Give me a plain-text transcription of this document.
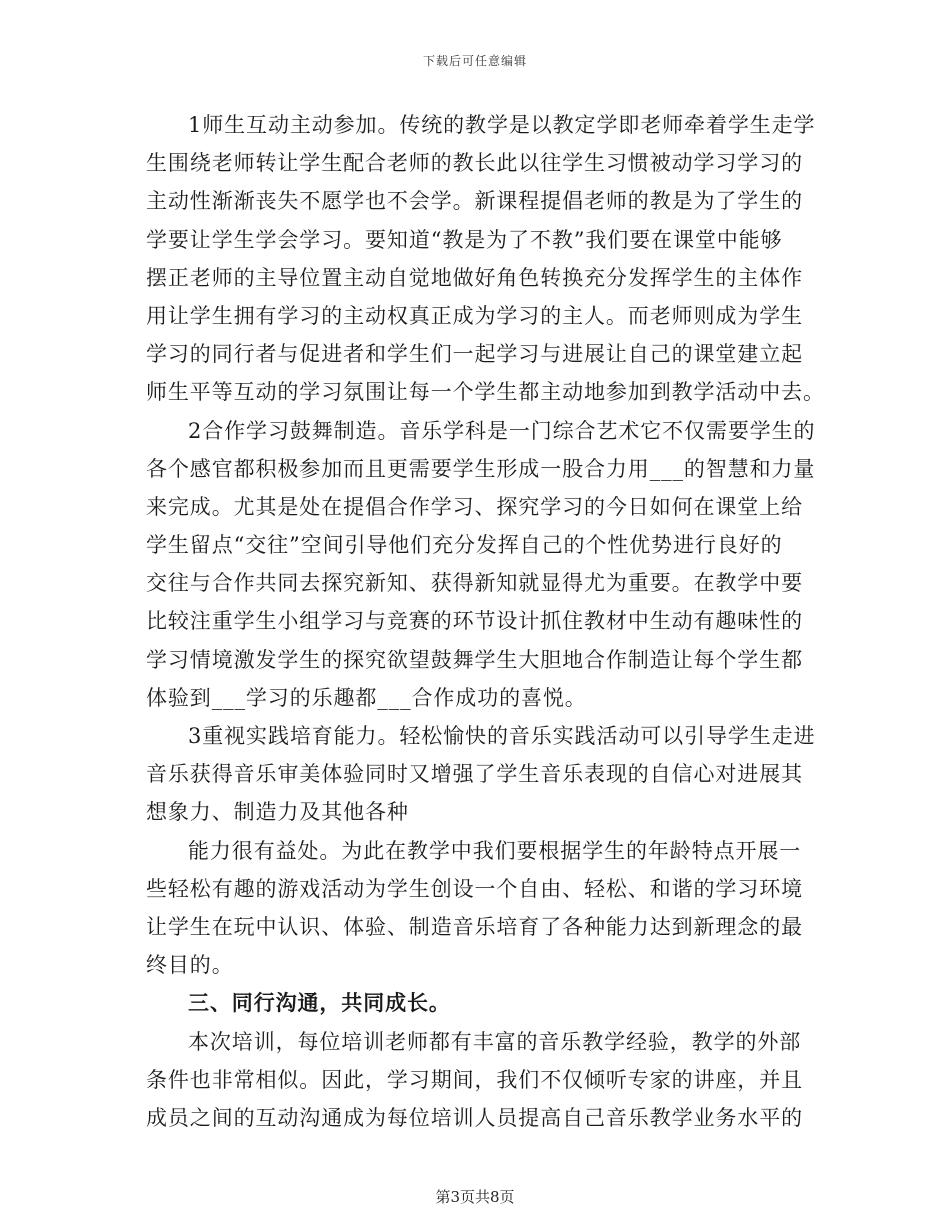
下载后可任意编辑
1师生互动主动参加。传统的教学是以教定学即老师牵着学生走学
生围绕老师转让学生配合老师的教长此以往学生习惯被动学习学习的
主动性渐渐丧失不愿学也不会学。新课程提倡老师的教是为了学生的
学要让学生学会学习。要知道“教是为了不教”我们要在课堂中能够
摆正老师的主导位置主动自觉地做好角色转换充分发挥学生的主体作
用让学生拥有学习的主动权真正成为学习的主人。而老师则成为学生
学习的同行者与促进者和学生们一起学习与进展让自己的课堂建立起
师生平等互动的学习氛围让每一个学生都主动地参加到教学活动中去。
2合作学习鼓舞制造。音乐学科是一门综合艺术它不仅需要学生的
各个感官都积极参加而且更需要学生形成一股合力用___的智慧和力量
来完成。尤其是处在提倡合作学习、探究学习的今日如何在课堂上给
学生留点“交往”空间引导他们充分发挥自己的个性优势进行良好的
交往与合作共同去探究新知、获得新知就显得尤为重要。在教学中要
比较注重学生小组学习与竞赛的环节设计抓住教材中生动有趣味性的
学习情境激发学生的探究欲望鼓舞学生大胆地合作制造让每个学生都
体验到___学习的乐趣都___合作成功的喜悦。
3重视实践培育能力。轻松愉快的音乐实践活动可以引导学生走进
音乐获得音乐审美体验同时又增强了学生音乐表现的自信心对进展其
想象力、制造力及其他各种
能力很有益处。为此在教学中我们要根据学生的年龄特点开展一
些轻松有趣的游戏活动为学生创设一个自由、轻松、和谐的学习环境
让学生在玩中认识、体验、制造音乐培育了各种能力达到新理念的最
终目的。
三、同行沟通，共同成长。
本次培训，每位培训老师都有丰富的音乐教学经验，教学的外部
条件也非常相似。因此，学习期间，我们不仅倾听专家的讲座，并且
成员之间的互动沟通成为每位培训人员提高自己音乐教学业务水平的
第3页共8页
